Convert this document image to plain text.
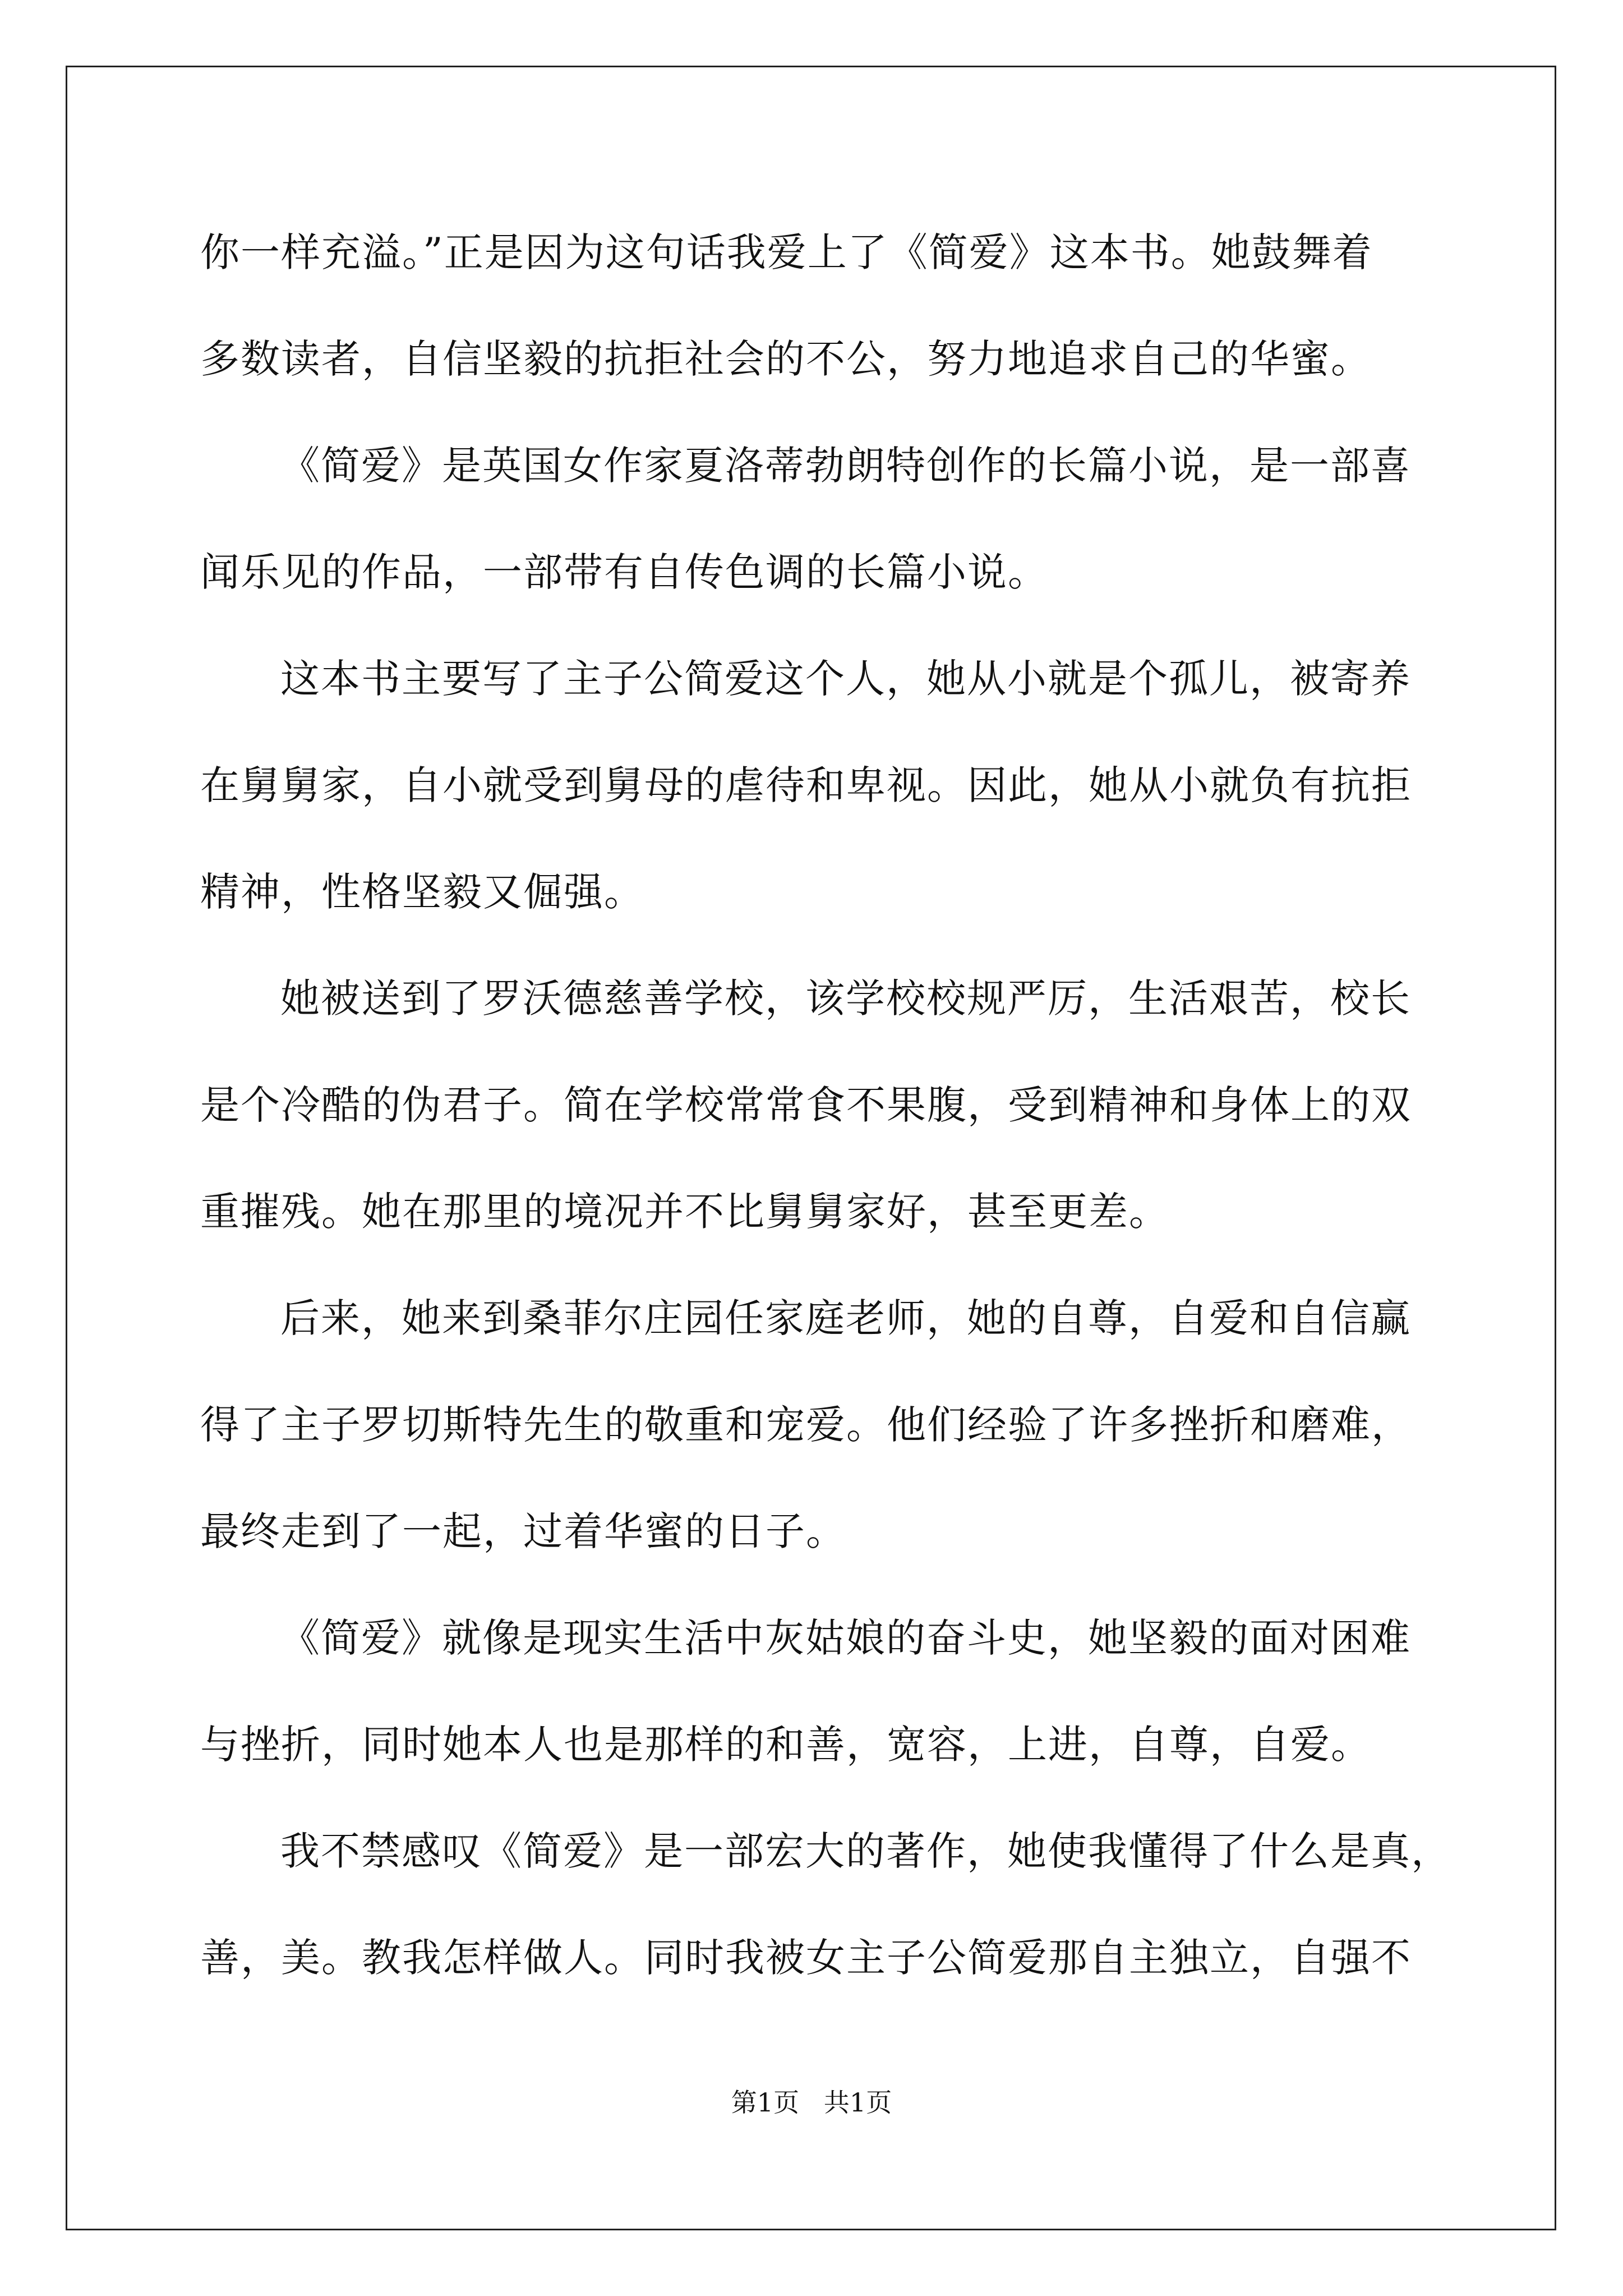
你一样充溢。”正是因为这句话我爱上了《简爱》这本书。她鼓舞着
多数读者，自信坚毅的抗拒社会的不公，努力地追求自己的华蜜。
《简爱》是英国女作家夏洛蒂勃朗特创作的长篇小说，是一部喜
闻乐见的作品，一部带有自传色调的长篇小说。
这本书主要写了主子公简爱这个人，她从小就是个孤儿，被寄养
在舅舅家，自小就受到舅母的虐待和卑视。因此，她从小就负有抗拒
精神，性格坚毅又倔强。
她被送到了罗沃德慈善学校，该学校校规严厉，生活艰苦，校长
是个冷酷的伪君子。简在学校常常食不果腹，受到精神和身体上的双
重摧残。她在那里的境况并不比舅舅家好，甚至更差。
后来，她来到桑菲尔庄园任家庭老师，她的自尊，自爱和自信赢
得了主子罗切斯特先生的敬重和宠爱。他们经验了许多挫折和磨难，
最终走到了一起，过着华蜜的日子。
《简爱》就像是现实生活中灰姑娘的奋斗史，她坚毅的面对困难
与挫折，同时她本人也是那样的和善，宽容，上进，自尊，自爱。
我不禁感叹《简爱》是一部宏大的著作，她使我懂得了什么是真，
善，美。教我怎样做人。同时我被女主子公简爱那自主独立，自强不
第1页   共1页
